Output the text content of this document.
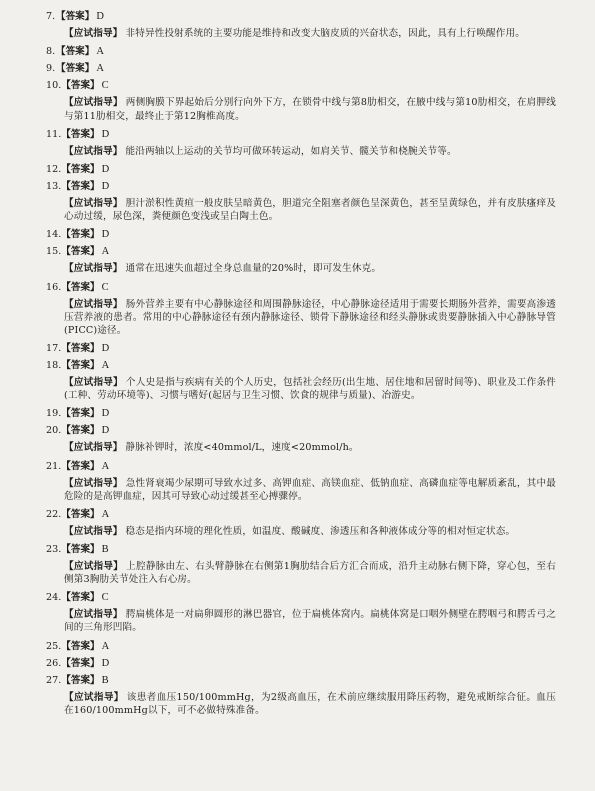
7.【答案】 D

【应试指导】 非特异性投射系统的主要功能是维持和改变大脑皮质的兴奋状态，因此，具有上行唤醒作用。

8.【答案】 A

9.【答案】 A

10.【答案】 C

【应试指导】 两侧胸膜下界起始后分别行向外下方，在锁骨中线与第8肋相交，在腋中线与第10肋相交，在肩胛线与第11肋相交，最终止于第12胸椎高度。

11.【答案】 D

【应试指导】 能沿两轴以上运动的关节均可做环转运动，如肩关节、髋关节和桡腕关节等。

12.【答案】 D

13.【答案】 D

【应试指导】 胆汁淤积性黄疸一般皮肤呈暗黄色，胆道完全阻塞者颜色呈深黄色，甚至呈黄绿色，并有皮肤瘙痒及心动过缓，尿色深，粪便颜色变浅或呈白陶土色。

14.【答案】 D

15.【答案】 A

【应试指导】 通常在迅速失血超过全身总血量的20%时，即可发生休克。

16.【答案】 C

【应试指导】 肠外营养主要有中心静脉途径和周围静脉途径，中心静脉途径适用于需要长期肠外营养，需要高渗透压营养液的患者。常用的中心静脉途径有颈内静脉途径、锁骨下静脉途径和经头静脉或贵要静脉插入中心静脉导管(PICC)途径。

17.【答案】 D

18.【答案】 A

【应试指导】 个人史是指与疾病有关的个人历史，包括社会经历(出生地、居住地和居留时间等)、职业及工作条件(工种、劳动环境等)、习惯与嗜好(起居与卫生习惯、饮食的规律与质量)、冶游史。

19.【答案】 D

20.【答案】 D

【应试指导】 静脉补钾时，浓度<40mmol/L，速度<20mmol/h。

21.【答案】 A

【应试指导】 急性肾衰竭少尿期可导致水过多、高钾血症、高镁血症、低钠血症、高磷血症等电解质紊乱，其中最危险的是高钾血症，因其可导致心动过缓甚至心搏骤停。

22.【答案】 A

【应试指导】 稳态是指内环境的理化性质，如温度、酸碱度、渗透压和各种液体成分等的相对恒定状态。

23.【答案】 B

【应试指导】 上腔静脉由左、右头臂静脉在右侧第1胸肋结合后方汇合而成，沿升主动脉右侧下降，穿心包，至右侧第3胸肋关节处注入右心房。

24.【答案】 C

【应试指导】 腭扁桃体是一对扁卵圆形的淋巴器官，位于扁桃体窝内。扁桃体窝是口咽外侧壁在腭咽弓和腭舌弓之间的三角形凹陷。

25.【答案】 A

26.【答案】 D

27.【答案】 B

【应试指导】 该患者血压150/100mmHg，为2级高血压，在术前应继续服用降压药物，避免戒断综合征。血压在160/100mmHg以下，可不必做特殊准备。
